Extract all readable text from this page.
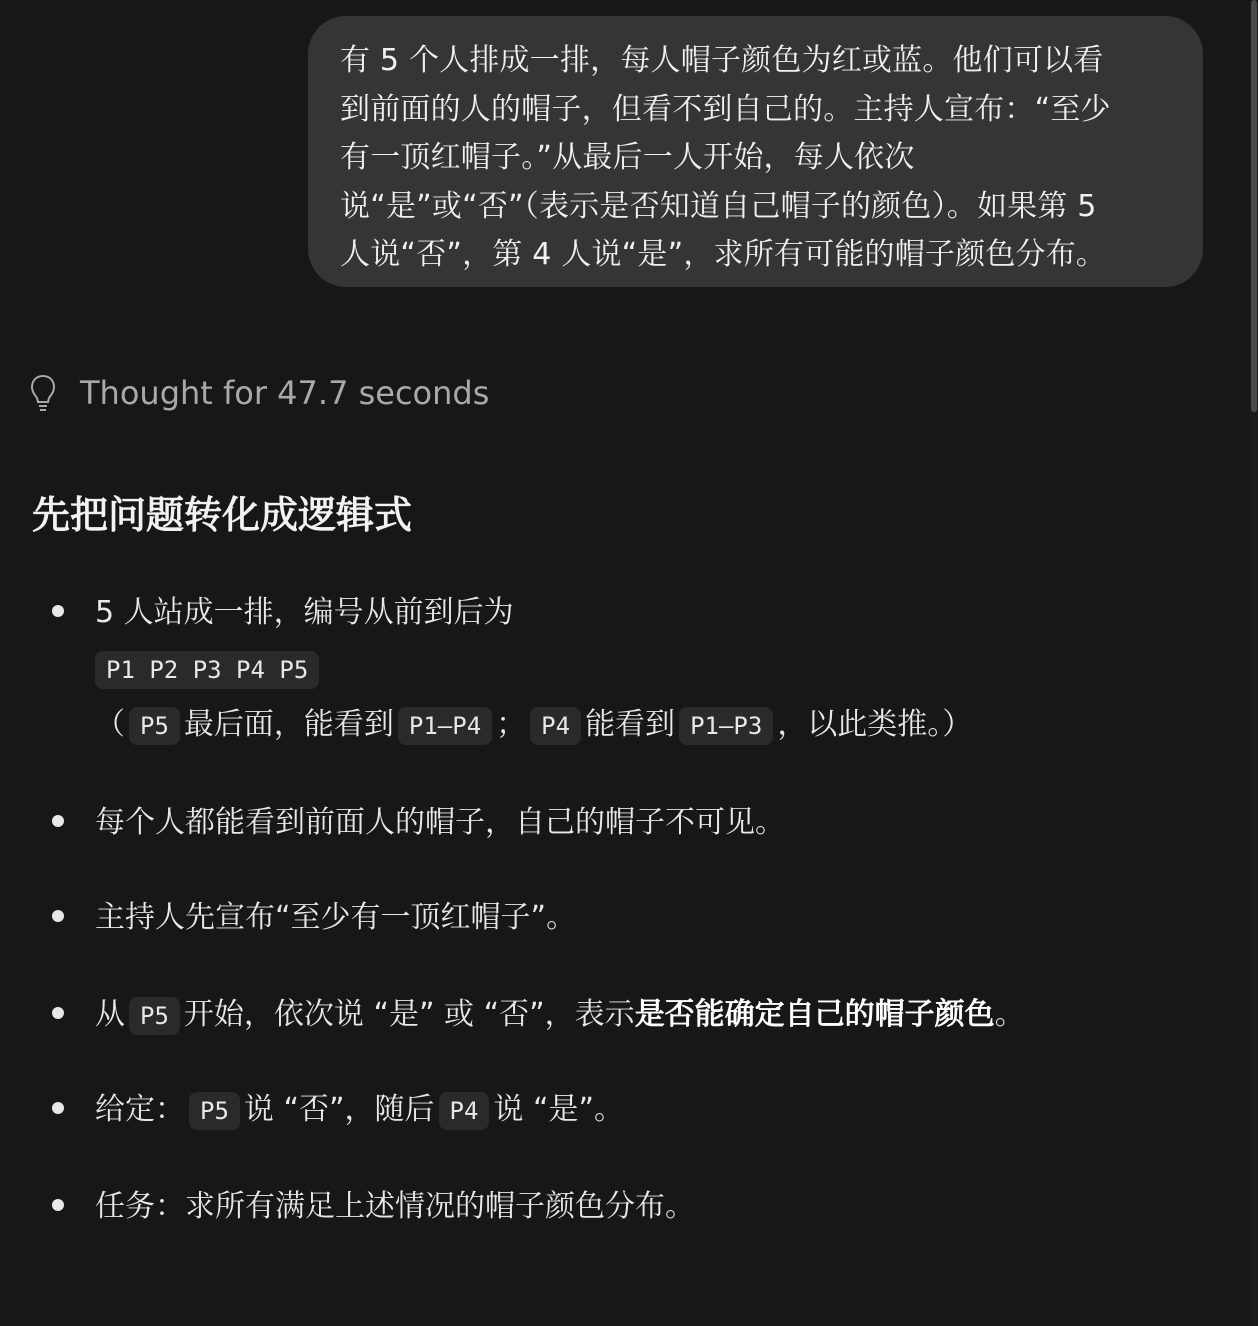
有 5 个人排成一排，每人帽子颜色为红或蓝。他们可以看

到前面的人的帽子，但看不到自己的。主持人宣布：“至少

有一顶红帽子。”从最后一人开始，每人依次

说“是”或“否”（表示是否知道自己帽子的颜色）。如果第 5

人说“否”，第 4 人说“是”，求所有可能的帽子颜色分布。

Thought for 47.7 seconds
先把问题转化成逻辑式
5 人站成一排，编号从前到后为
P1 P2 P3 P4 P5
（ P5 最后面，能看到 P1–P4 ； P4 能看到 P1–P3 ，以此类推。）
每个人都能看到前面人的帽子，自己的帽子不可见。
主持人先宣布“至少有一顶红帽子”。
从 P5 开始，依次说 “是” 或 “否”，表示是否能确定自己的帽子颜色。
给定： P5 说 “否”，随后 P4 说 “是”。
任务：求所有满足上述情况的帽子颜色分布。
